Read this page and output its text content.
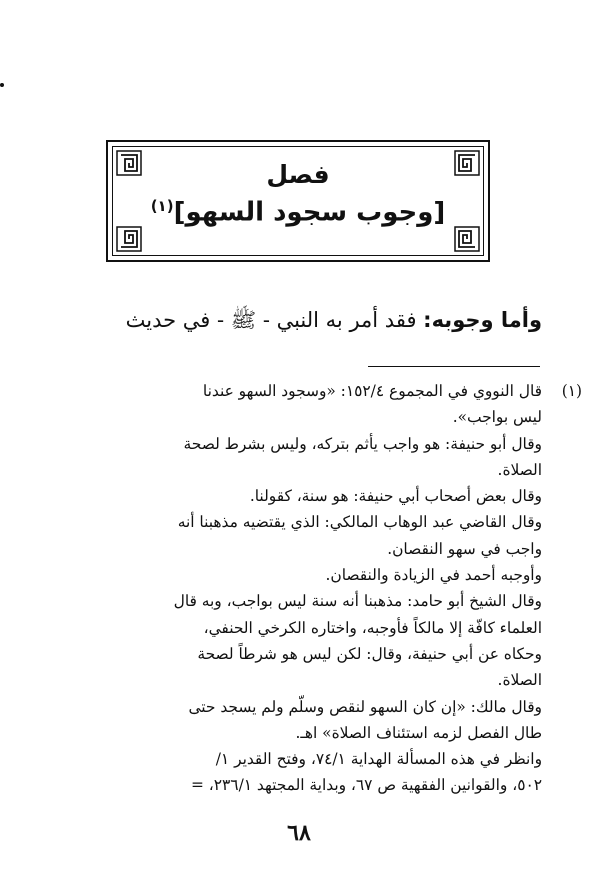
فصل
[وجوب سجود السهو]$^{(١)}$
وأما وجوبه: فقد أمر به النبي - ﷺ - في حديث
(١)
قال النووي في المجموع ١٥٢/٤: «وسجود السهو عندنا
ليس بواجب».
وقال أبو حنيفة: هو واجب يأثم بتركه، وليس بشرط لصحة
الصلاة.
وقال بعض أصحاب أبي حنيفة: هو سنة، كقولنا.
وقال القاضي عبد الوهاب المالكي: الذي يقتضيه مذهبنا أنه
واجب في سهو النقصان.
وأوجبه أحمد في الزيادة والنقصان.
وقال الشيخ أبو حامد: مذهبنا أنه سنة ليس بواجب، وبه قال
العلماء كافّة إلا مالكاً فأوجبه، واختاره الكرخي الحنفي،
وحكاه عن أبي حنيفة، وقال: لكن ليس هو شرطاً لصحة
الصلاة.
وقال مالك: «إن كان السهو لنقص وسلّم ولم يسجد حتى
طال الفصل لزمه استئناف الصلاة» اهـ.
وانظر في هذه المسألة الهداية ٧٤/١، وفتح القدير ١/
٥٠٢، والقوانين الفقهية ص ٦٧، وبداية المجتهد ٢٣٦/١، =
٦٨
